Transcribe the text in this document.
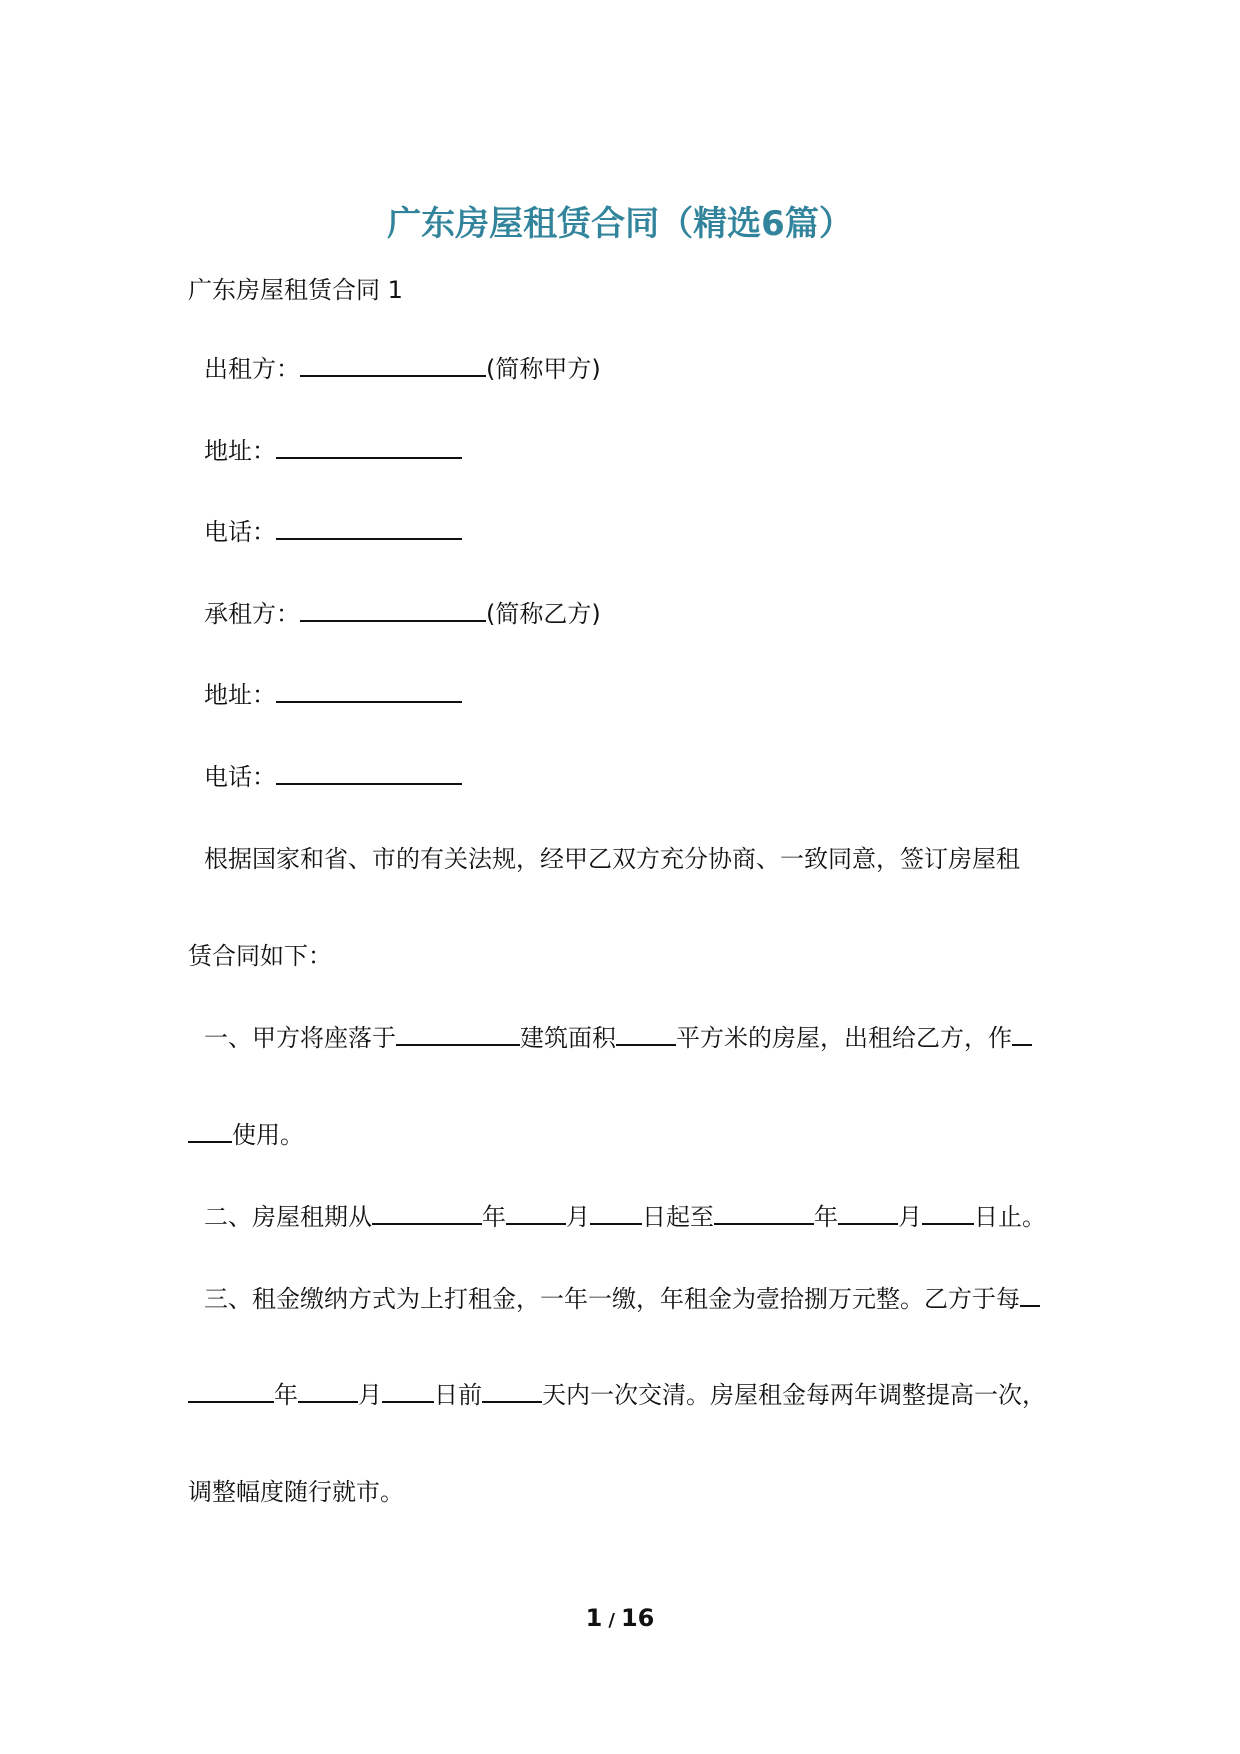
广东房屋租赁合同（精选6篇）
广东房屋租赁合同 1
出租方：	(简称甲方)
地址：
电话：
承租方：	(简称乙方)
地址：
电话：
根据国家和省、市的有关法规，经甲乙双方充分协商、一致同意，签订房屋租
赁合同如下：
一、甲方将座落于	建筑面积	平方米的房屋，出租给乙方，作
使用。
二、房屋租期从	年	月 日起至	年	月 日止。
三、租金缴纳方式为上打租金，一年一缴，年租金为壹拾捌万元整。乙方于每
年	月 日前	天内一次交清。房屋租金每两年调整提高一次，
调整幅度随行就市。
1 / 16
